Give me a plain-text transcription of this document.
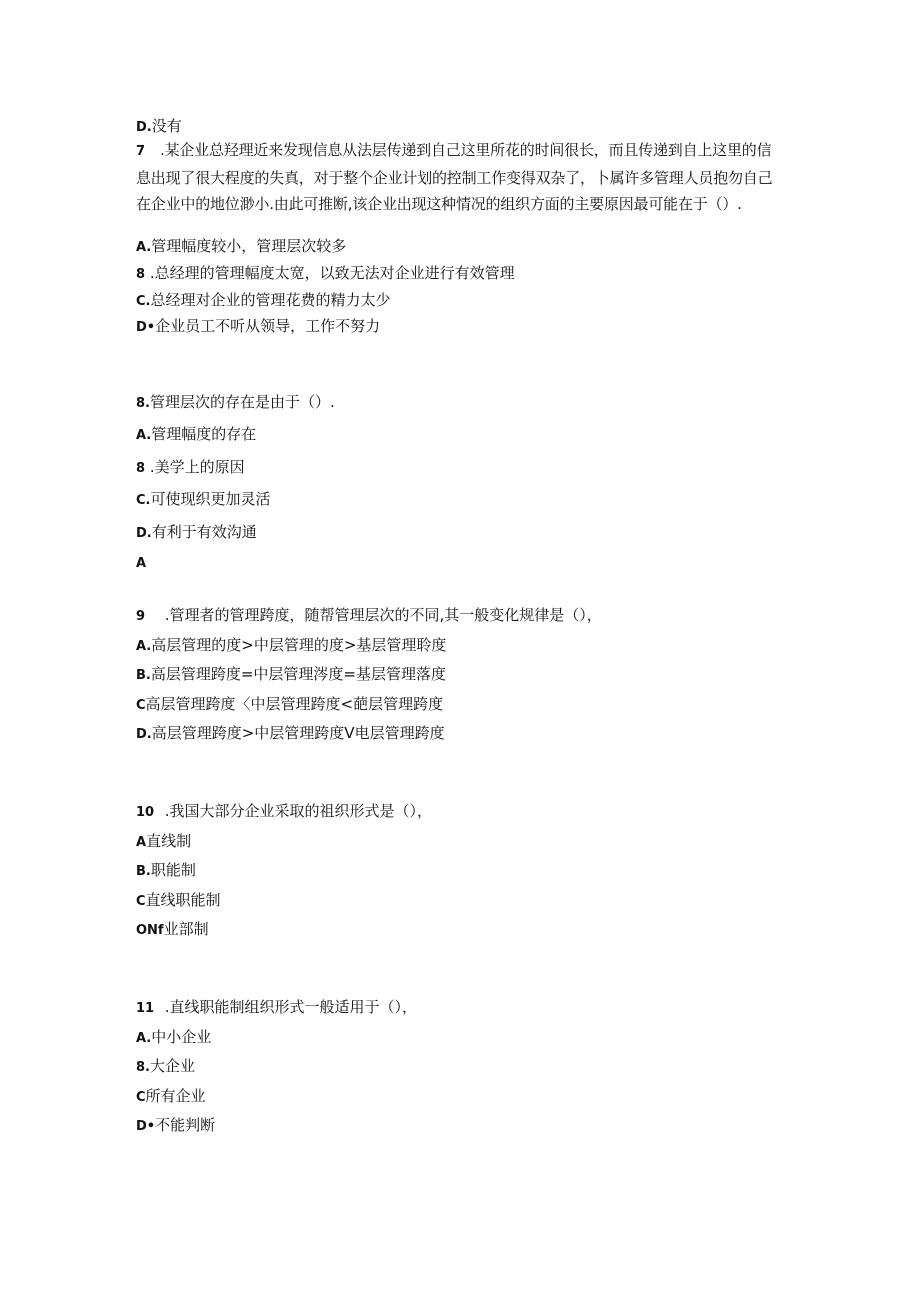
D.没有

7 .某企业总羟理近来发现信息从法层传递到自己这里所花的时间很长，而且传递到自上这里的信息出现了很大程度的失真，对于整个企业计划的控制工作变得双杂了，卜属许多管理人员抱勿自己在企业中的地位渺小.由此可推断,该企业出现这种情况的组织方面的主要原因最可能在于（）.

A.管理幅度较小，管理层次较多

8 .总经理的管理幅度太宽，以致无法对企业进行有效管理

C.总经理对企业的管理花费的精力太少

D•企业员工不听从领导，工作不努力

8.管理层次的存在是由于（）.

A.管理幅度的存在

8 .美学上的原因

C.可使现织更加灵活

D.有利于有效沟通

A

9 .管理者的管理跨度，随帮管理层次的不同,其一般变化规律是（），

A.高层管理的度>中层管理的度>基层管理聆度

B.高层管理跨度=中层管理涔度=基层管理落度

C高层管理跨度〈中层管理跨度<葩层管理跨度

D.高层管理跨度>中层管理跨度V电层管理跨度

10 .我国大部分企业采取的祖织形式是（），

A直线制

B.职能制

C直线职能制

ONf业部制

11 .直线职能制组织形式一般适用于（），

A.中小企业

8.大企业

C所有企业

D•不能判断
